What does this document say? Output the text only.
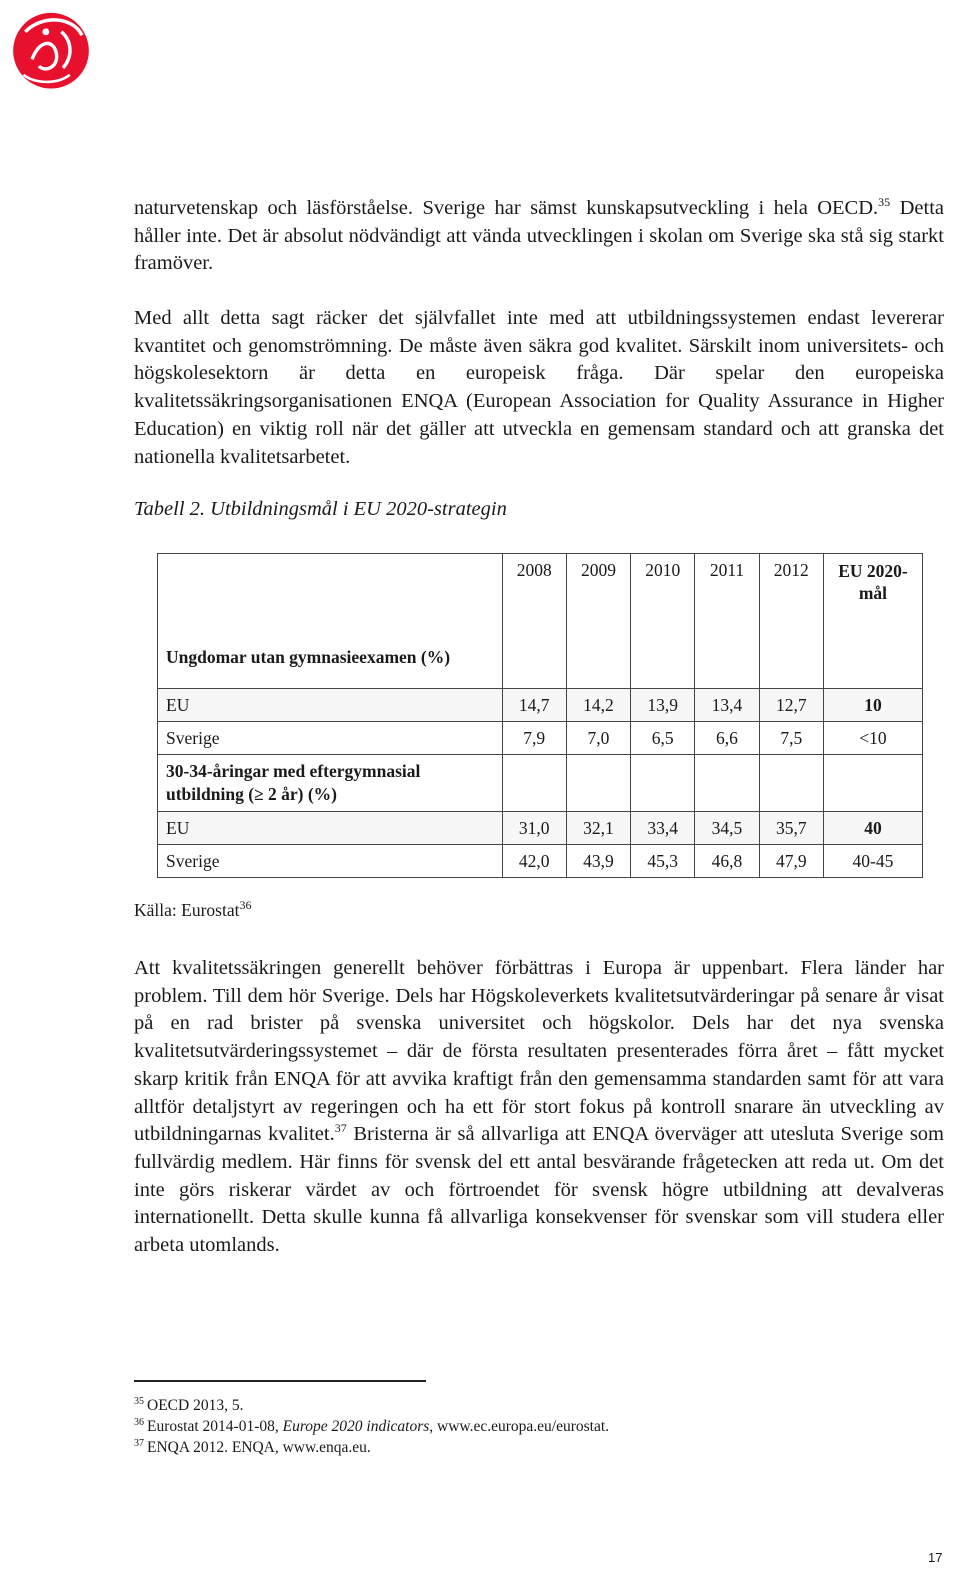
naturvetenskap och läsförståelse. Sverige har sämst kunskapsutveckling i hela OECD.$^{35}$ Detta håller inte. Det är absolut nödvändigt att vända utvecklingen i skolan om Sverige ska stå sig starkt framöver.

Med allt detta sagt räcker det självfallet inte med att utbildningssystemen endast levererar kvantitet och genomströmning. De måste även säkra god kvalitet. Särskilt inom universitets- och högskolesektorn är detta en europeisk fråga. Där spelar den europeiska kvalitetssäkringsorganisationen ENQA (European Association for Quality Assurance in Higher Education) en viktig roll när det gäller att utveckla en gemensam standard och att granska det nationella kvalitetsarbetet.

Tabell 2. Utbildningsmål i EU 2020-strategin
Ungdomar utan gymnasieexamen (%)	2008	2009	2010	2011	2012	EU 2020-mål
EU	14,7	14,2	13,9	13,4	12,7	10
Sverige	7,9	7,0	6,5	6,6	7,5	<10
30-34-åringar med eftergymnasial utbildning (≥ 2 år) (%)						
EU	31,0	32,1	33,4	34,5	35,7	40
Sverige	42,0	43,9	45,3	46,8	47,9	40-45
Källa: Eurostat$^{36}$

Att kvalitetssäkringen generellt behöver förbättras i Europa är uppenbart. Flera länder har problem. Till dem hör Sverige. Dels har Högskoleverkets kvalitetsutvärderingar på senare år visat på en rad brister på svenska universitet och högskolor. Dels har det nya svenska kvalitetsutvärderingssystemet – där de första resultaten presenterades förra året – fått mycket skarp kritik från ENQA för att avvika kraftigt från den gemensamma standarden samt för att vara alltför detaljstyrt av regeringen och ha ett för stort fokus på kontroll snarare än utveckling av utbildningarnas kvalitet.$^{37}$ Bristerna är så allvarliga att ENQA överväger att utesluta Sverige som fullvärdig medlem. Här finns för svensk del ett antal besvärande frågetecken att reda ut. Om det inte görs riskerar värdet av och förtroendet för svensk högre utbildning att devalveras internationellt. Detta skulle kunna få allvarliga konsekvenser för svenskar som vill studera eller arbeta utomlands.

$^{35}$ OECD 2013, 5.
$^{36}$ Eurostat 2014-01-08, Europe 2020 indicators, www.ec.europa.eu/eurostat.
$^{37}$ ENQA 2012. ENQA, www.enqa.eu.
17
